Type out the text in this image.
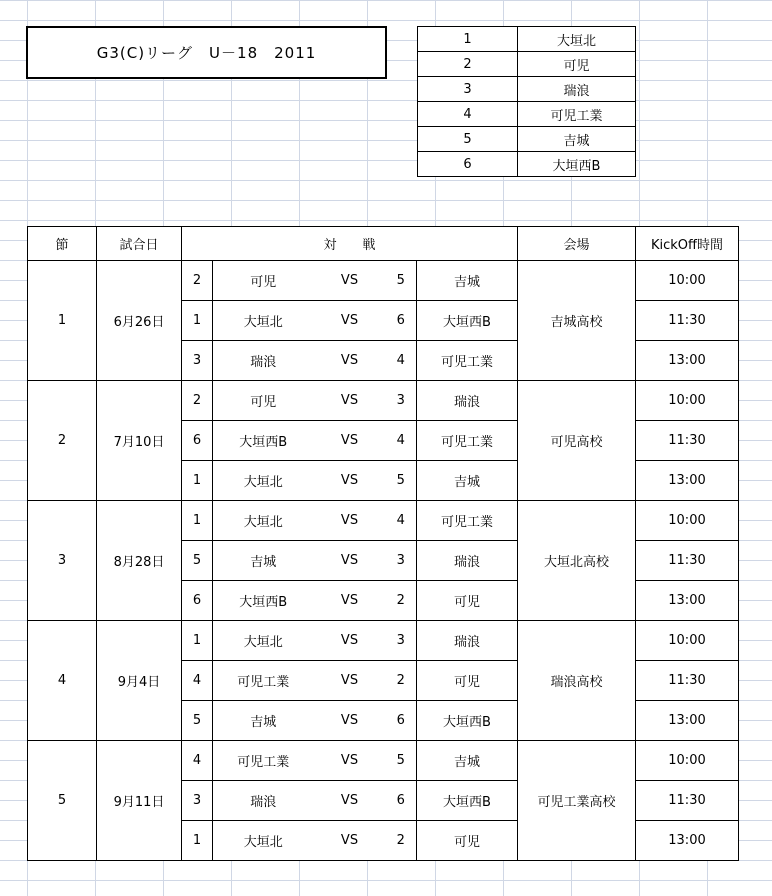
G3(C)リーグ　U－18　2011
1	大垣北
2	可児
3	瑞浪
4	可児工業
5	吉城
6	大垣西B
節	試合日	対　　戦					会場	KickOff時間
1	6月26日	2	可児	VS	5	吉城	吉城高校	10:00
		1	大垣北	VS	6	大垣西B		11:30
		3	瑞浪	VS	4	可児工業		13:00
2	7月10日	2	可児	VS	3	瑞浪	可児高校	10:00
		6	大垣西B	VS	4	可児工業		11:30
		1	大垣北	VS	5	吉城		13:00
3	8月28日	1	大垣北	VS	4	可児工業	大垣北高校	10:00
		5	吉城	VS	3	瑞浪		11:30
		6	大垣西B	VS	2	可児		13:00
4	9月4日	1	大垣北	VS	3	瑞浪	瑞浪高校	10:00
		4	可児工業	VS	2	可児		11:30
		5	吉城	VS	6	大垣西B		13:00
5	9月11日	4	可児工業	VS	5	吉城	可児工業高校	10:00
		3	瑞浪	VS	6	大垣西B		11:30
		1	大垣北	VS	2	可児		13:00
